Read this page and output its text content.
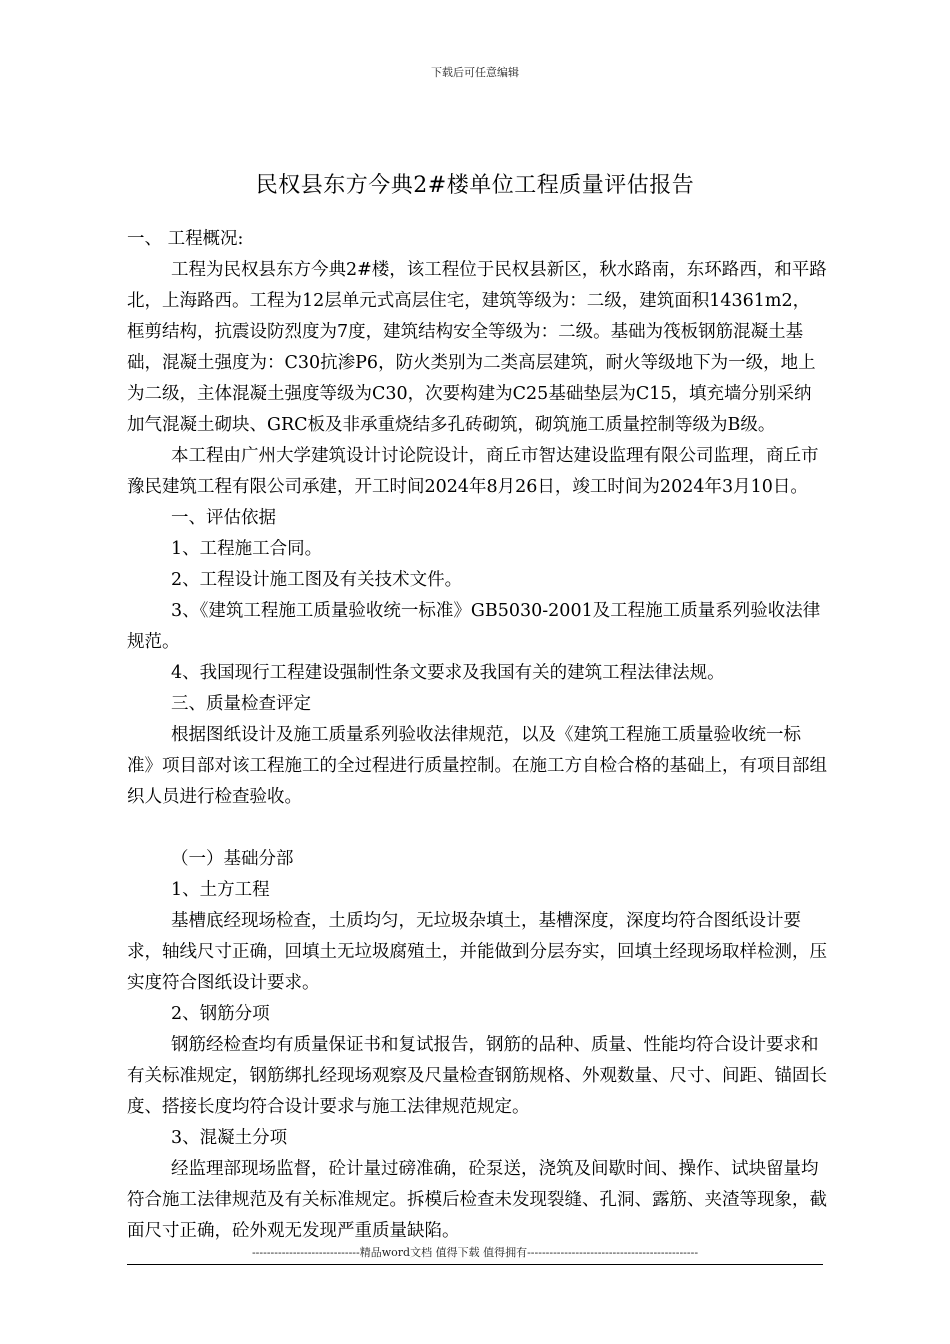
下载后可任意编辑
民权县东方今典2#楼单位工程质量评估报告

一、 工程概况:

工程为民权县东方今典2#楼，该工程位于民权县新区，秋水路南，东环路西，和平路北，上海路西。工程为12层单元式高层住宅，建筑等级为：二级，建筑面积14361m2，框剪结构，抗震设防烈度为7度，建筑结构安全等级为：二级。基础为筏板钢筋混凝土基础，混凝土强度为：C30抗渗P6，防火类别为二类高层建筑，耐火等级地下为一级，地上为二级，主体混凝土强度等级为C30，次要构建为C25基础垫层为C15，填充墙分别采纳加气混凝土砌块、GRC板及非承重烧结多孔砖砌筑，砌筑施工质量控制等级为B级。

本工程由广州大学建筑设计讨论院设计，商丘市智达建设监理有限公司监理，商丘市豫民建筑工程有限公司承建，开工时间2024年8月26日，竣工时间为2024年3月10日。

一、评估依据

1、工程施工合同。

2、工程设计施工图及有关技术文件。

3、《建筑工程施工质量验收统一标准》GB5030-2001及工程施工质量系列验收法律规范。

4、我国现行工程建设强制性条文要求及我国有关的建筑工程法律法规。

三、质量检查评定

根据图纸设计及施工质量系列验收法律规范，以及《建筑工程施工质量验收统一标准》项目部对该工程施工的全过程进行质量控制。在施工方自检合格的基础上，有项目部组织人员进行检查验收。

（一）基础分部

1、土方工程

基槽底经现场检查，土质均匀，无垃圾杂填土，基槽深度，深度均符合图纸设计要求，轴线尺寸正确，回填土无垃圾腐殖土，并能做到分层夯实，回填土经现场取样检测，压实度符合图纸设计要求。

2、钢筋分项

钢筋经检查均有质量保证书和复试报告，钢筋的品种、质量、性能均符合设计要求和有关标准规定，钢筋绑扎经现场观察及尺量检查钢筋规格、外观数量、尺寸、间距、锚固长度、搭接长度均符合设计要求与施工法律规范规定。

3、混凝土分项

经监理部现场监督，砼计量过磅准确，砼泵送，浇筑及间歇时间、操作、试块留量均符合施工法律规范及有关标准规定。拆模后检查未发现裂缝、孔洞、露筋、夹渣等现象，截面尺寸正确，砼外观无发现严重质量缺陷。

-----------------------------精品word文档 值得下载 值得拥有----------------------------------------------
